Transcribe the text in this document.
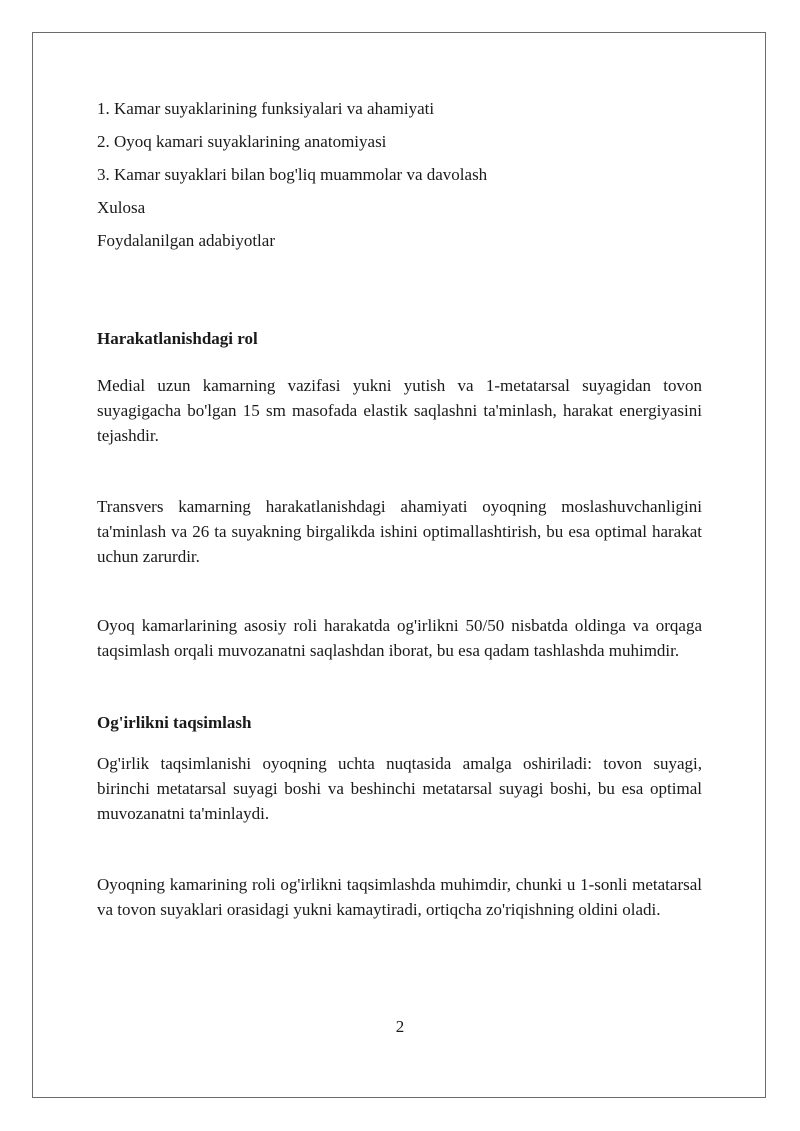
1. Kamar suyaklarining funksiyalari va ahamiyati

2. Oyoq kamari suyaklarining anatomiyasi

3. Kamar suyaklari bilan bog'liq muammolar va davolash

Xulosa

Foydalanilgan adabiyotlar

Harakatlanishdagi rol

Medial uzun kamarning vazifasi yukni yutish va 1-metatarsal suyagidan tovon suyagigacha bo'lgan 15 sm masofada elastik saqlashni ta'minlash, harakat energiyasini tejashdir.

Transvers kamarning harakatlanishdagi ahamiyati oyoqning moslashuvchanligini ta'minlash va 26 ta suyakning birgalikda ishini optimallashtirish, bu esa optimal harakat uchun zarurdir.

Oyoq kamarlarining asosiy roli harakatda og'irlikni 50/50 nisbatda oldinga va orqaga taqsimlash orqali muvozanatni saqlashdan iborat, bu esa qadam tashlashda muhimdir.

Og'irlikni taqsimlash

Og'irlik taqsimlanishi oyoqning uchta nuqtasida amalga oshiriladi: tovon suyagi, birinchi metatarsal suyagi boshi va beshinchi metatarsal suyagi boshi, bu esa optimal muvozanatni ta'minlaydi.

Oyoqning kamarining roli og'irlikni taqsimlashda muhimdir, chunki u 1-sonli metatarsal va tovon suyaklari orasidagi yukni kamaytiradi, ortiqcha zo'riqishning oldini oladi.

2
